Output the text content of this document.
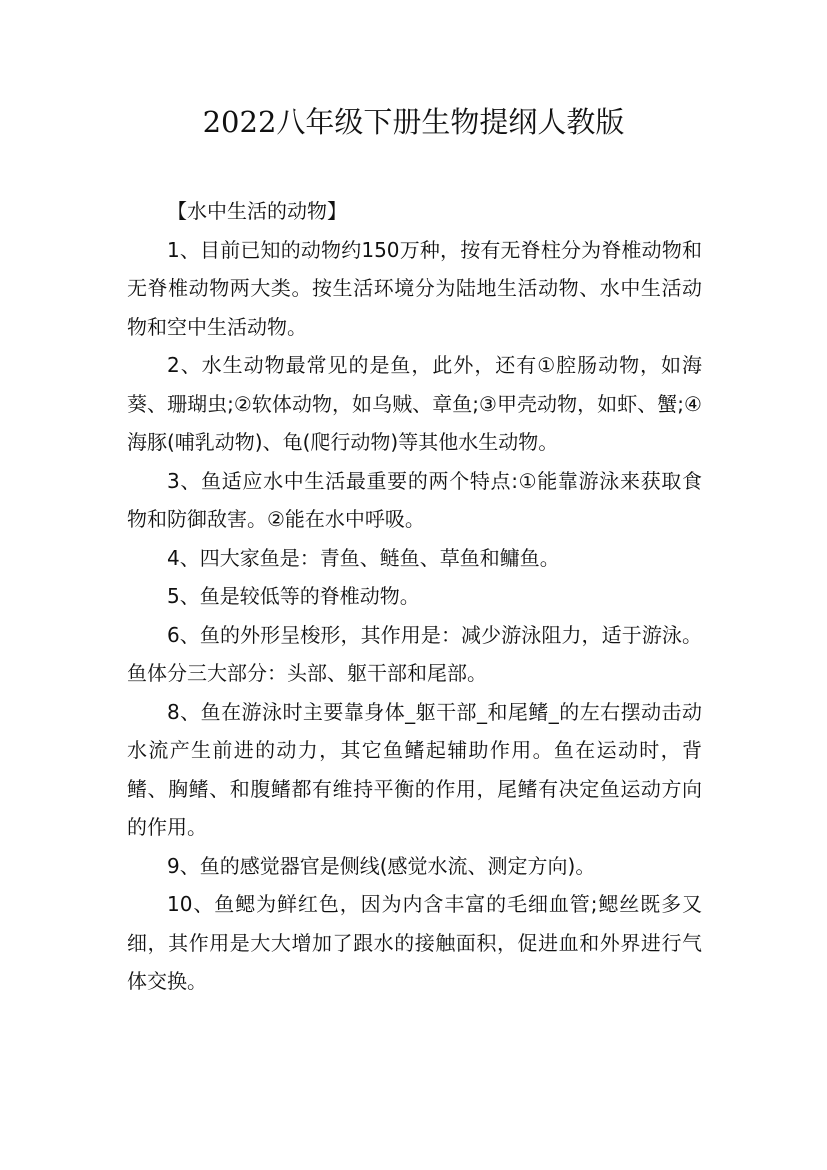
2022八年级下册生物提纲人教版

【水中生活的动物】

1、目前已知的动物约150万种，按有无脊柱分为脊椎动物和无脊椎动物两大类。按生活环境分为陆地生活动物、水中生活动物和空中生活动物。

2、水生动物最常见的是鱼，此外，还有①腔肠动物，如海葵、珊瑚虫;②软体动物，如乌贼、章鱼;③甲壳动物，如虾、蟹;④海豚(哺乳动物)、龟(爬行动物)等其他水生动物。

3、鱼适应水中生活最重要的两个特点:①能靠游泳来获取食物和防御敌害。②能在水中呼吸。

4、四大家鱼是：青鱼、鲢鱼、草鱼和鳙鱼。

5、鱼是较低等的脊椎动物。

6、鱼的外形呈梭形，其作用是：减少游泳阻力，适于游泳。鱼体分三大部分：头部、躯干部和尾部。

8、鱼在游泳时主要靠身体_躯干部_和尾鳍_的左右摆动击动水流产生前进的动力，其它鱼鳍起辅助作用。鱼在运动时，背鳍、胸鳍、和腹鳍都有维持平衡的作用，尾鳍有决定鱼运动方向的作用。

9、鱼的感觉器官是侧线(感觉水流、测定方向)。

10、鱼鳃为鲜红色，因为内含丰富的毛细血管;鳃丝既多又细，其作用是大大增加了跟水的接触面积，促进血和外界进行气体交换。
